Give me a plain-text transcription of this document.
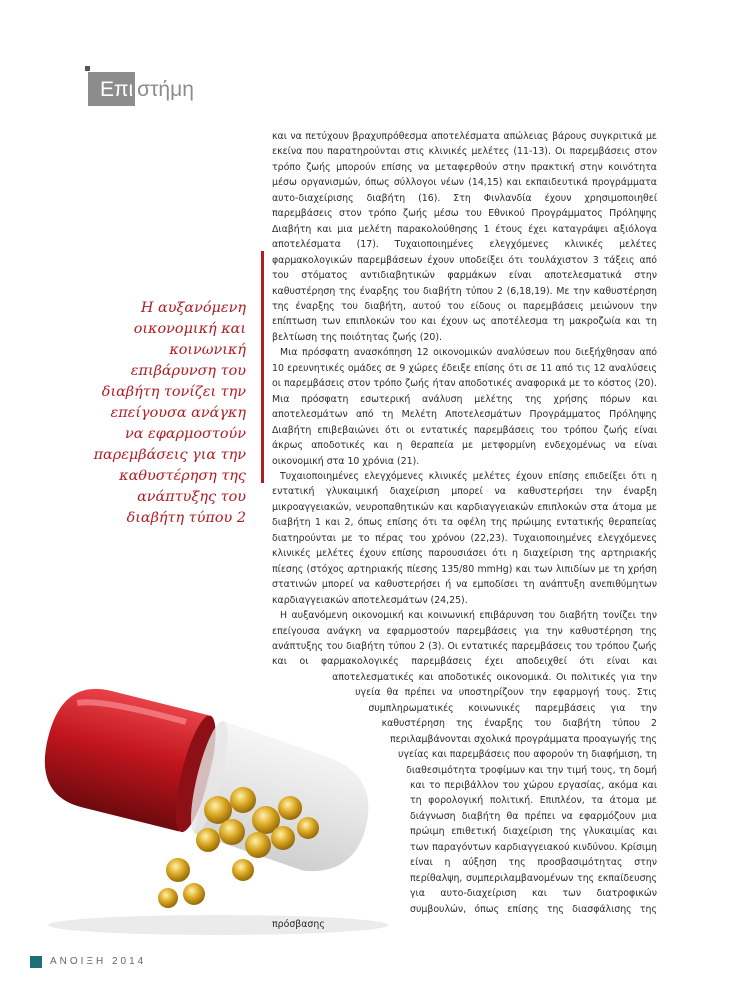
Επι στήμη
Η αυξανόμενη οικονομική και κοινωνική επιβάρυνση του διαβήτη τονίζει την επείγουσα ανάγκη να εφαρμοστούν παρεμβάσεις για την καθυστέρηση της ανάπτυξης του διαβήτη τύπου 2

και να πετύχουν βραχυπρόθεσμα αποτελέσματα απώλειας βάρους συγκριτικά με εκείνα που παρατηρούνται στις κλινικές μελέτες (11-13). Οι παρεμβάσεις στον τρόπο ζωής μπορούν επίσης να μεταφερθούν στην πρακτική στην κοινότητα μέσω οργανισμών, όπως σύλλογοι νέων (14,15) και εκπαιδευτικά προγράμματα αυτο-διαχείρισης διαβήτη (16). Στη Φινλανδία έχουν χρησιμοποιηθεί παρεμβάσεις στον τρόπο ζωής μέσω του Εθνικού Προγράμματος Πρόληψης Διαβήτη και μια μελέτη παρακολούθησης 1 έτους έχει καταγράψει αξιόλογα αποτελέσματα (17). Τυχαιοποιημένες ελεγχόμενες κλινικές μελέτες φαρμακολογικών παρεμβάσεων έχουν υποδείξει ότι τουλάχιστον 3 τάξεις από του στόματος αντιδιαβητικών φαρμάκων είναι αποτελεσματικά στην καθυστέρηση της έναρξης του διαβήτη τύπου 2 (6,18,19). Με την καθυστέρηση της έναρξης του διαβήτη, αυτού του είδους οι παρεμβάσεις μειώνουν την επίπτωση των επιπλοκών του και έχουν ως αποτέλεσμα τη μακροζωία και τη βελτίωση της ποιότητας ζωής (20).

Μια πρόσφατη ανασκόπηση 12 οικονομικών αναλύσεων που διεξήχθησαν από 10 ερευνητικές ομάδες σε 9 χώρες έδειξε επίσης ότι σε 11 από τις 12 αναλύσεις οι παρεμβάσεις στον τρόπο ζωής ήταν αποδοτικές αναφορικά με το κόστος (20). Μια πρόσφατη εσωτερική ανάλυση μελέτης της χρήσης πόρων και αποτελεσμάτων από τη Μελέτη Αποτελεσμάτων Προγράμματος Πρόληψης Διαβήτη επιβεβαιώνει ότι οι εντατικές παρεμβάσεις του τρόπου ζωής είναι άκρως αποδοτικές και η θεραπεία με μετφορμίνη ενδεχομένως να είναι οικονομική στα 10 χρόνια (21).

Τυχαιοποιημένες ελεγχόμενες κλινικές μελέτες έχουν επίσης επιδείξει ότι η εντατική γλυκαιμική διαχείριση μπορεί να καθυστερήσει την έναρξη μικροαγγειακών, νευροπαθητικών και καρδιαγγειακών επιπλοκών στα άτομα με διαβήτη 1 και 2, όπως επίσης ότι τα οφέλη της πρώιμης εντατικής θεραπείας διατηρούνται με το πέρας του χρόνου (22,23). Τυχαιοποιημένες ελεγχόμενες κλινικές μελέτες έχουν επίσης παρουσιάσει ότι η διαχείριση της αρτηριακής πίεσης (στόχος αρτηριακής πίεσης 135/80 mmHg) και των λιπιδίων με τη χρήση στατινών μπορεί να καθυστερήσει ή να εμποδίσει τη ανάπτυξη ανεπιθύμητων καρδιαγγειακών αποτελεσμάτων (24,25).

Η αυξανόμενη οικονομική και κοινωνική επιβάρυνση του διαβήτη τονίζει την επείγουσα ανάγκη να εφαρμοστούν παρεμβάσεις για την καθυστέρηση της ανάπτυξης του διαβήτη τύπου 2 (3). Οι εντατικές παρεμβάσεις του τρόπου ζωής και οι φαρμακολογικές παρεμβάσεις έχει αποδειχθεί ότι είναι και αποτελεσματικές και αποδοτικές οικονομικά. Οι πολιτικές για την υγεία θα πρέπει να υποστηρίζουν την εφαρμογή τους. Στις συμπληρωματικές κοινωνικές παρεμβάσεις για την καθυστέρηση της έναρξης του διαβήτη τύπου 2 περιλαμβάνονται σχολικά προγράμματα προαγωγής της υγείας και παρεμβάσεις που αφορούν τη διαφήμιση, τη διαθεσιμότητα τροφίμων και την τιμή τους, τη δομή και το περιβάλλον του χώρου εργασίας, ακόμα και τη φορολογική πολιτική. Επιπλέον, τα άτομα με διάγνωση διαβήτη θα πρέπει να εφαρμόζουν μια πρώιμη επιθετική διαχείριση της γλυκαιμίας και των παραγόντων καρδιαγγειακού κινδύνου. Κρίσιμη είναι η αύξηση της προσβασιμότητας στην περίθαλψη, συμπεριλαμβανομένων της εκπαίδευσης για αυτο-διαχείριση και των διατροφικών συμβουλών, όπως επίσης της διασφάλισης της πρόσβασης

ΑΝΟΙΞΗ 2014
